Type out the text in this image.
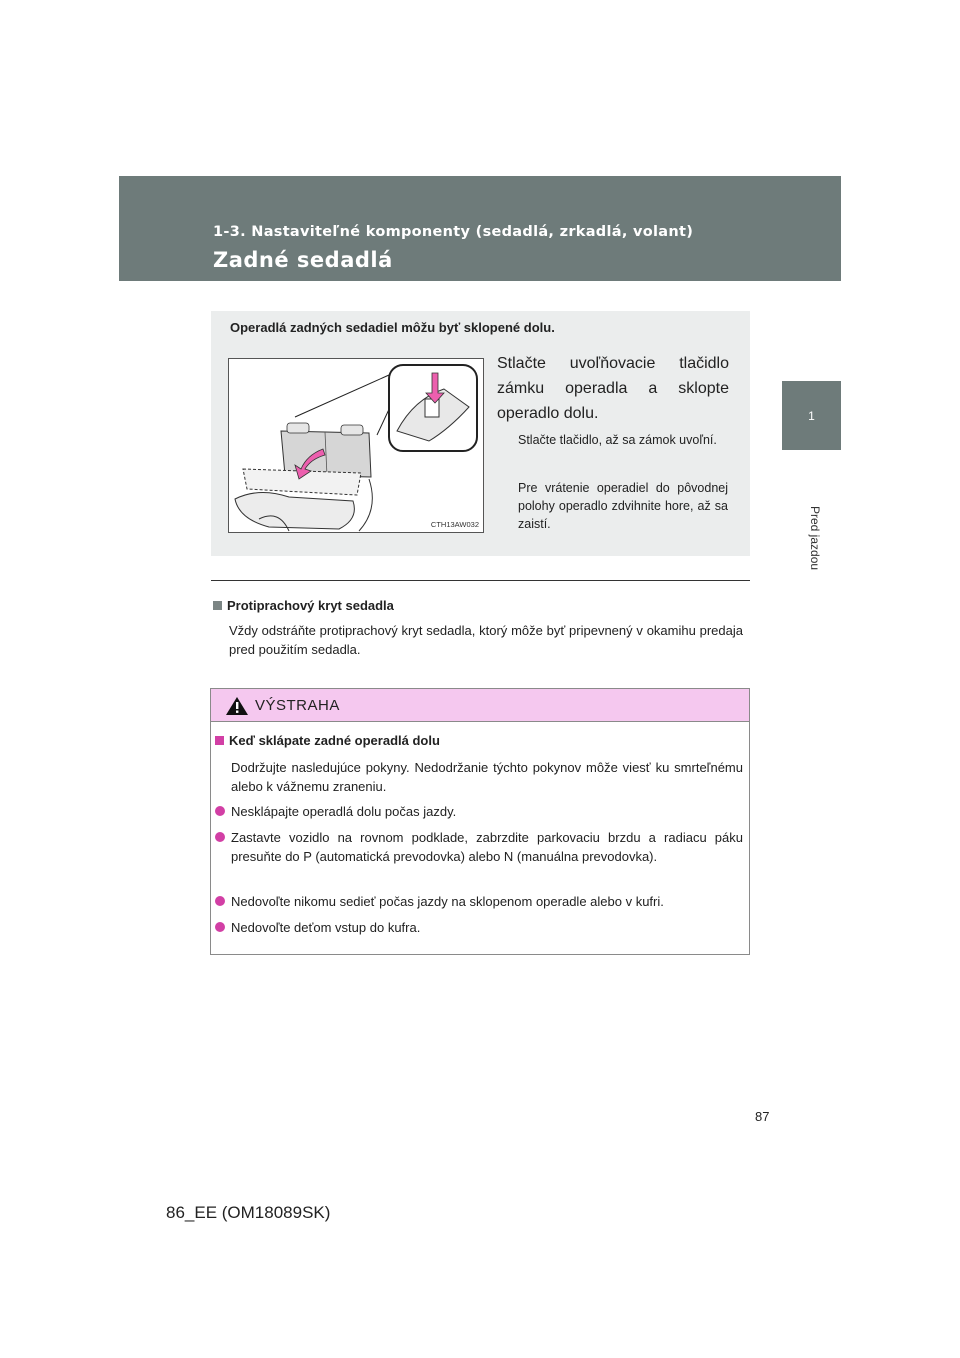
1-3. Nastaviteľné komponenty (sedadlá, zrkadlá, volant)
Zadné sedadlá
1
Pred jazdou
Operadlá zadných sedadiel môžu byť sklopené dolu.
CTH13AW032
Stlačte uvoľňovacie tlačidlo zámku operadla a sklopte operadlo dolu.
Stlačte tlačidlo, až sa zámok uvoľní.
Pre vrátenie operadiel do pôvodnej polohy operadlo zdvihnite hore, až sa zaistí.
Protiprachový kryt sedadla
Vždy odstráňte protiprachový kryt sedadla, ktorý môže byť pripevnený v okamihu predaja pred použitím sedadla.
VÝSTRAHA
Keď sklápate zadné operadlá dolu
Dodržujte nasledujúce pokyny. Nedodržanie týchto pokynov môže viesť ku smrteľnému alebo k vážnemu zraneniu.
Nesklápajte operadlá dolu počas jazdy.
Zastavte vozidlo na rovnom podklade, zabrzdite parkovaciu brzdu a radiacu páku presuňte do P (automatická prevodovka) alebo N (manuálna prevodovka).
Nedovoľte nikomu sedieť počas jazdy na sklopenom operadle alebo v kufri.
Nedovoľte deťom vstup do kufra.
87
86_EE (OM18089SK)
